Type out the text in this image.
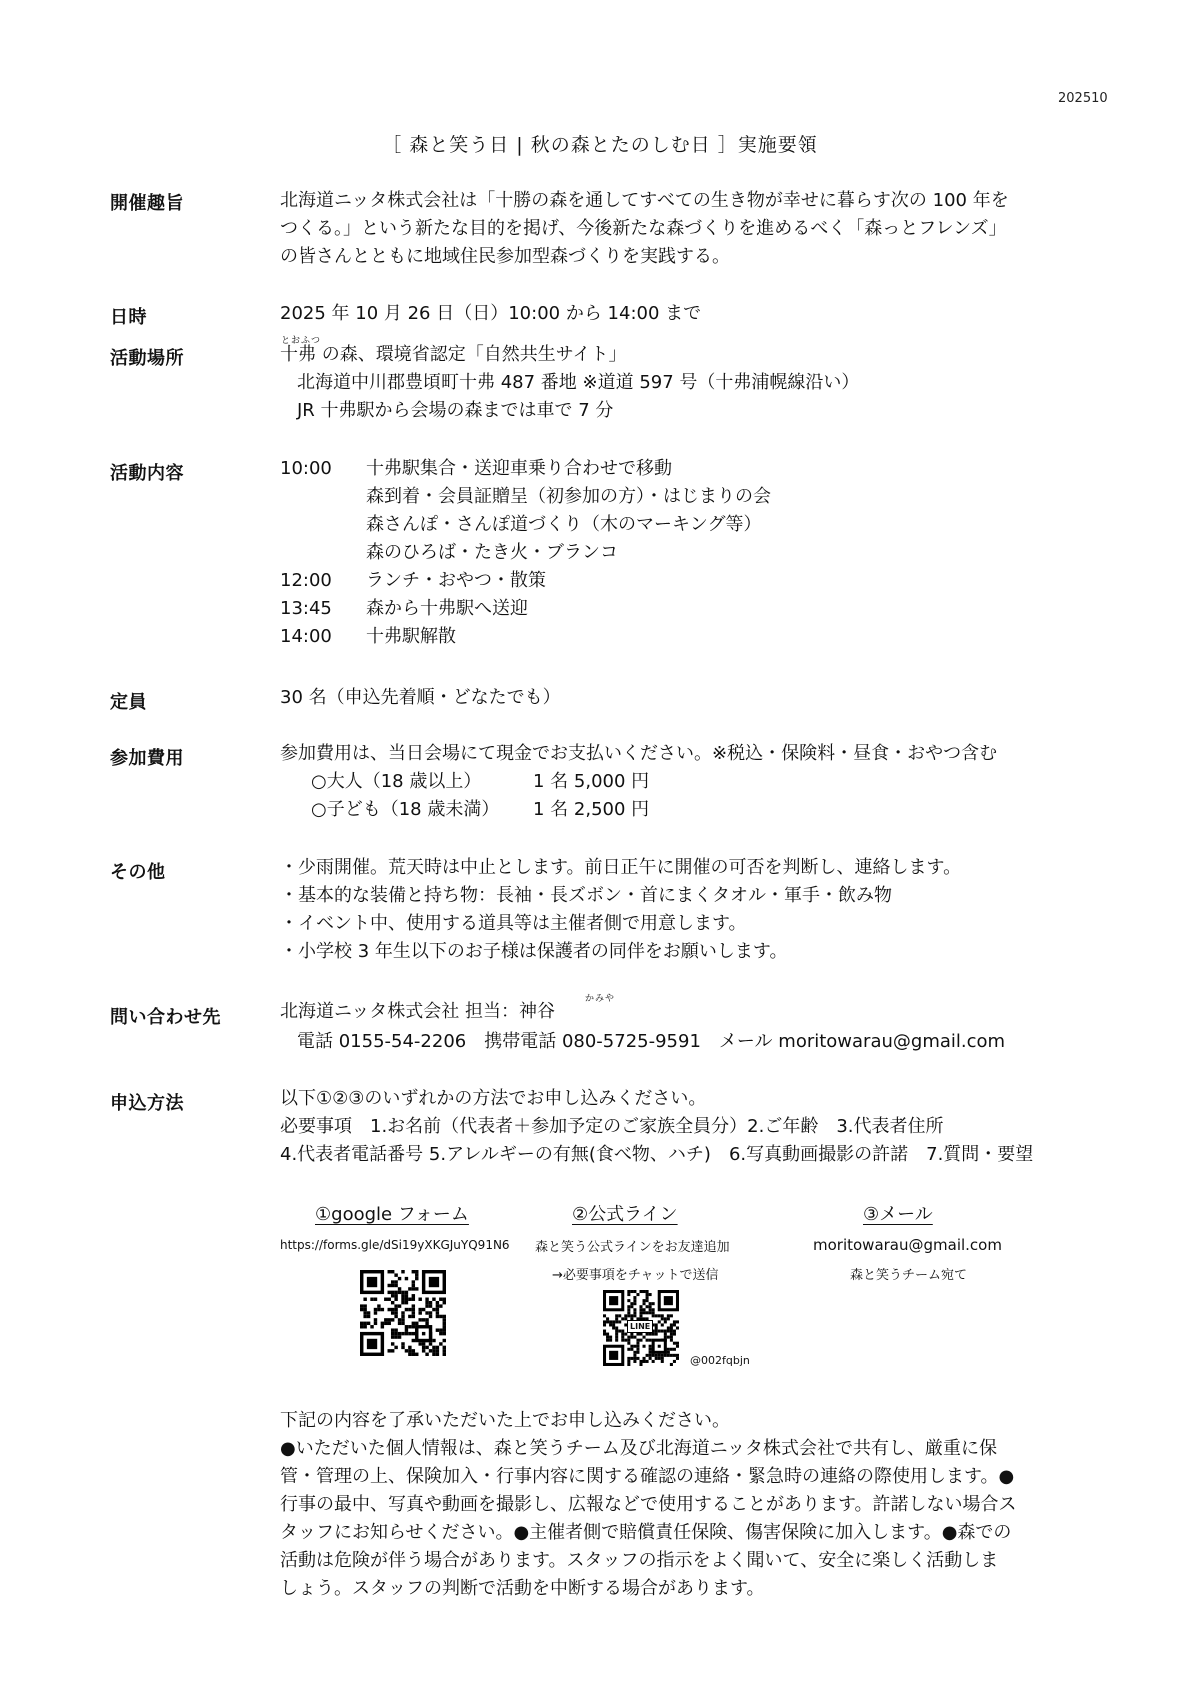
202510
［ 森と笑う日 | 秋の森とたのしむ日 ］実施要領
開催趣旨	北海道ニッタ株式会社は「十勝の森を通してすべての生き物が幸せに暮らす次の 100 年を
つくる。」という新たな目的を掲げ、今後新たな森づくりを進めるべく「森っとフレンズ」
の皆さんとともに地域住民参加型森づくりを実践する。
日時	2025 年 10 月 26 日（日）10:00 から 14:00 まで
活動場所
とおふつ
十弗 の森、環境省認定「自然共生サイト」
北海道中川郡豊頃町十弗 487 番地 ※道道 597 号（十弗浦幌線沿い）
JR 十弗駅から会場の森までは車で 7 分
活動内容	10:00 十弗駅集合・送迎車乗り合わせで移動
森到着・会員証贈呈（初参加の方）・はじまりの会
森さんぽ・さんぽ道づくり（木のマーキング等）
森のひろば・たき火・ブランコ
12:00 ランチ・おやつ・散策
13:45 森から十弗駅へ送迎
14:00 十弗駅解散
定員	30 名（申込先着順・どなたでも）
参加費用	参加費用は、当日会場にて現金でお支払いください。※税込・保険料・昼食・おやつ含む
○大人（18 歳以上）	1 名 5,000 円
○子ども（18 歳未満） 1 名 2,500 円
その他	・少雨開催。荒天時は中止とします。前日正午に開催の可否を判断し、連絡します。
・基本的な装備と持ち物：長袖・長ズボン・首にまくタオル・軍手・飲み物
・イベント中、使用する道具等は主催者側で用意します。
・小学校 3 年生以下のお子様は保護者の同伴をお願いします。
問い合わせ先
かみや
北海道ニッタ株式会社 担当：神谷
電話 0155-54-2206　携帯電話 080-5725-9591　メール moritowarau@gmail.com
申込方法	以下①②③のいずれかの方法でお申し込みください。
必要事項　1.お名前（代表者＋参加予定のご家族全員分）2.ご年齢　3.代表者住所
4.代表者電話番号 5.アレルギーの有無(食べ物、ハチ)　6.写真動画撮影の許諾　7.質問・要望
①google フォーム
https://forms.gle/dSi19yXKGJuYQ91N6
②公式ライン
森と笑う公式ラインをお友達追加
→必要事項をチャットで送信
LINE
@002fqbjn
③メール
moritowarau@gmail.com
森と笑うチーム宛て
下記の内容を了承いただいた上でお申し込みください。
●いただいた個人情報は、森と笑うチーム及び北海道ニッタ株式会社で共有し、厳重に保
管・管理の上、保険加入・行事内容に関する確認の連絡・緊急時の連絡の際使用します。●
行事の最中、写真や動画を撮影し、広報などで使用することがあります。許諾しない場合ス
タッフにお知らせください。●主催者側で賠償責任保険、傷害保険に加入します。●森での
活動は危険が伴う場合があります。スタッフの指示をよく聞いて、安全に楽しく活動しま
しょう。スタッフの判断で活動を中断する場合があります。
